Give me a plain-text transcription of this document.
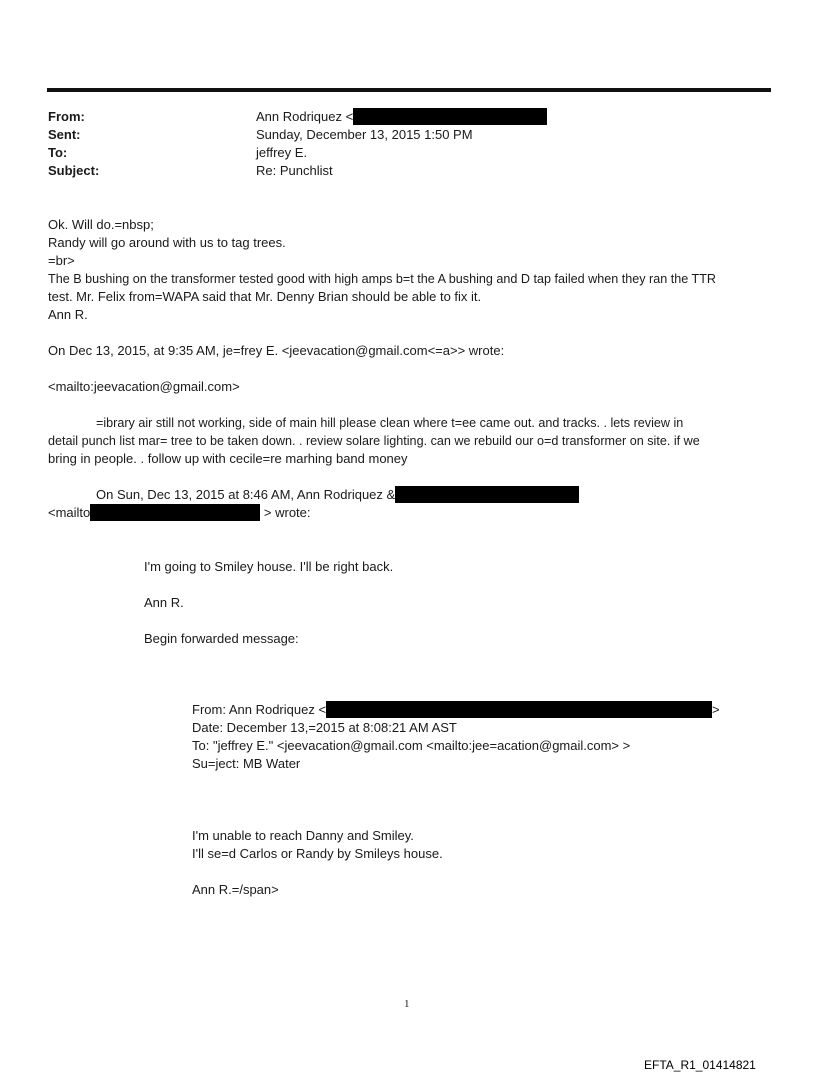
From:	Ann Rodriquez <
Sent:	Sunday, December 13, 2015 1:50 PM
To:	jeffrey E.
Subject:	Re: Punchlist
Ok. Will do.=nbsp;
Randy will go around with us to tag trees.
=br>
The B bushing on the transformer tested good with high amps b=t the A bushing and D tap failed when they ran the TTR
test. Mr. Felix from=WAPA said that Mr. Denny Brian should be able to fix it.
Ann R.
On Dec 13, 2015, at 9:35 AM, je=frey E. <jeevacation@gmail.com<=a>> wrote:
<mailto:jeevacation@gmail.com>
=ibrary air still not working, side of main hill please clean where t=ee came out. and tracks. . lets review in
detail punch list mar= tree to be taken down. . review solare lighting. can we rebuild our o=d transformer on site. if we
bring in people. . follow up with cecile=re marhing band money
On Sun, Dec 13, 2015 at 8:46 AM, Ann Rodriquez &
<mailto	> wrote:
I'm going to Smiley house. I'll be right back.
Ann R.
Begin forwarded message:
From: Ann Rodriquez <	>
Date: December 13,=2015 at 8:08:21 AM AST
To: "jeffrey E." <jeevacation@gmail.com <mailto:jee=acation@gmail.com> >
Su=ject: MB Water
I'm unable to reach Danny and Smiley.
I'll se=d Carlos or Randy by Smileys house.
Ann R.=/span>
1
EFTA_R1_01414821
